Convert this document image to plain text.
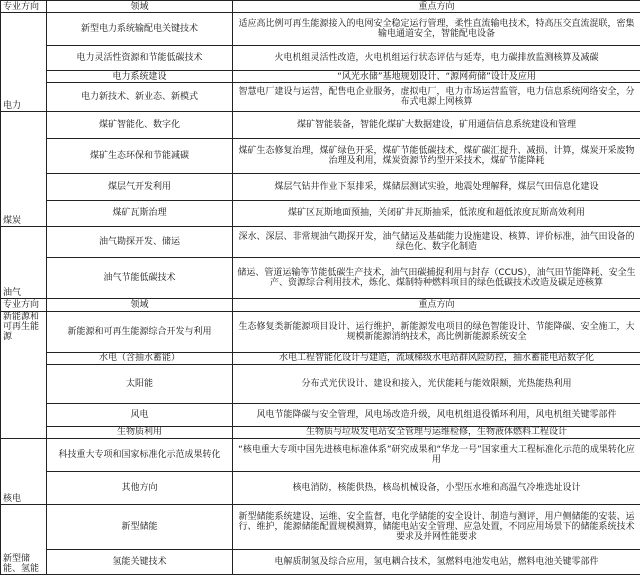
专业方向	领域	重点方向
电力	新型电力系统输配电关键技术	适应高比例可再生能源接入的电网安全稳定运行管理，柔性直流输电技术，特高压交直流混联，密集输电通道安全，智能配电设备
	电力灵活性资源和节能低碳技术	火电机组灵活性改造，火电机组运行状态评估与延寿，电力碳排放监测核算及减碳
	电力系统建设	“风光水储”基地规划设计、“源网荷储”设计及应用
	电力新技术、新业态、新模式	智慧电厂建设与运营，配售电企业服务，虚拟电厂，电力市场运营监管，电力信息系统网络安全，分布式电源上网核算
煤炭	煤矿智能化、数字化	煤矿智能装备，智能化煤矿大数据建设，矿用通信信息系统建设和管理
	煤矿生态环保和节能减碳	煤矿生态修复治理，煤矿绿色开采，煤矿节能低碳技术，煤矿碳汇提升、减损、计算，煤炭开采废物治理及利用，煤炭资源节约型开采技术，煤矿节能降耗
	煤层气开发利用	煤层气钻井作业下泵排采，煤储层测试实验，地震处理解释，煤层气田信息化建设
	煤矿瓦斯治理	煤矿区瓦斯地面预抽，关闭矿井瓦斯抽采，低浓度和超低浓度瓦斯高效利用
油气	油气勘探开发、储运	深水、深层、非常规油气勘探开发，油气储运及基础能力设施建设、核算、评价标准，油气田设备的绿色化、数字化制造
	油气节能低碳技术	储运、管道运输等节能低碳生产技术，油气田碳捕捉利用与封存（CCUS），油气田节能降耗、安全生产、资源综合利用技术，炼化、煤制特种燃料项目的绿色低碳技术改造及碳足迹核算
专业方向	领域	重点方向
新能源和可再生能源	新能源和可再生能源综合开发与利用	生态修复类新能源项目设计、运行维护，新能源发电项目的绿色智能设计、节能降碳、安全施工，大规模新能源消纳技术，高比例新能源系统安全
	水电（含抽水蓄能）	水电工程智能化设计与建造，流域梯级水电站群风险防控，抽水蓄能电站数字化
	太阳能	分布式光伏设计、建设和接入，光伏能耗与能效限额，光热能热利用
	风电	风电节能降碳与安全管理，风电场改造升级，风电机组退役循环利用，风电机组关键零部件
	生物质利用	生物质与垃圾发电站安全管理与运维检修，生物液体燃料工程设计
核电	科技重大专项和国家标准化示范成果转化	“核电重大专项中国先进核电标准体系”研究成果和“华龙一号”国家重大工程标准化示范的成果转化应用
	其他方向	核电消防，核能供热，核岛机械设备，小型压水堆和高温气冷堆选址设计
新型储能、氢能	新型储能	新型储能系统建设、运维、安全监督，电化学储能的安全设计、制造与测评，用户侧储能的安装、运行、维护，能源储能配置规模测算，储能电站安全管理、应急处置，不同应用场景下的储能系统技术要求及并网性能要求
	氢能关键技术	电解质制氢及综合应用，氢电耦合技术，氢燃料电池发电站，燃料电池关键零部件
